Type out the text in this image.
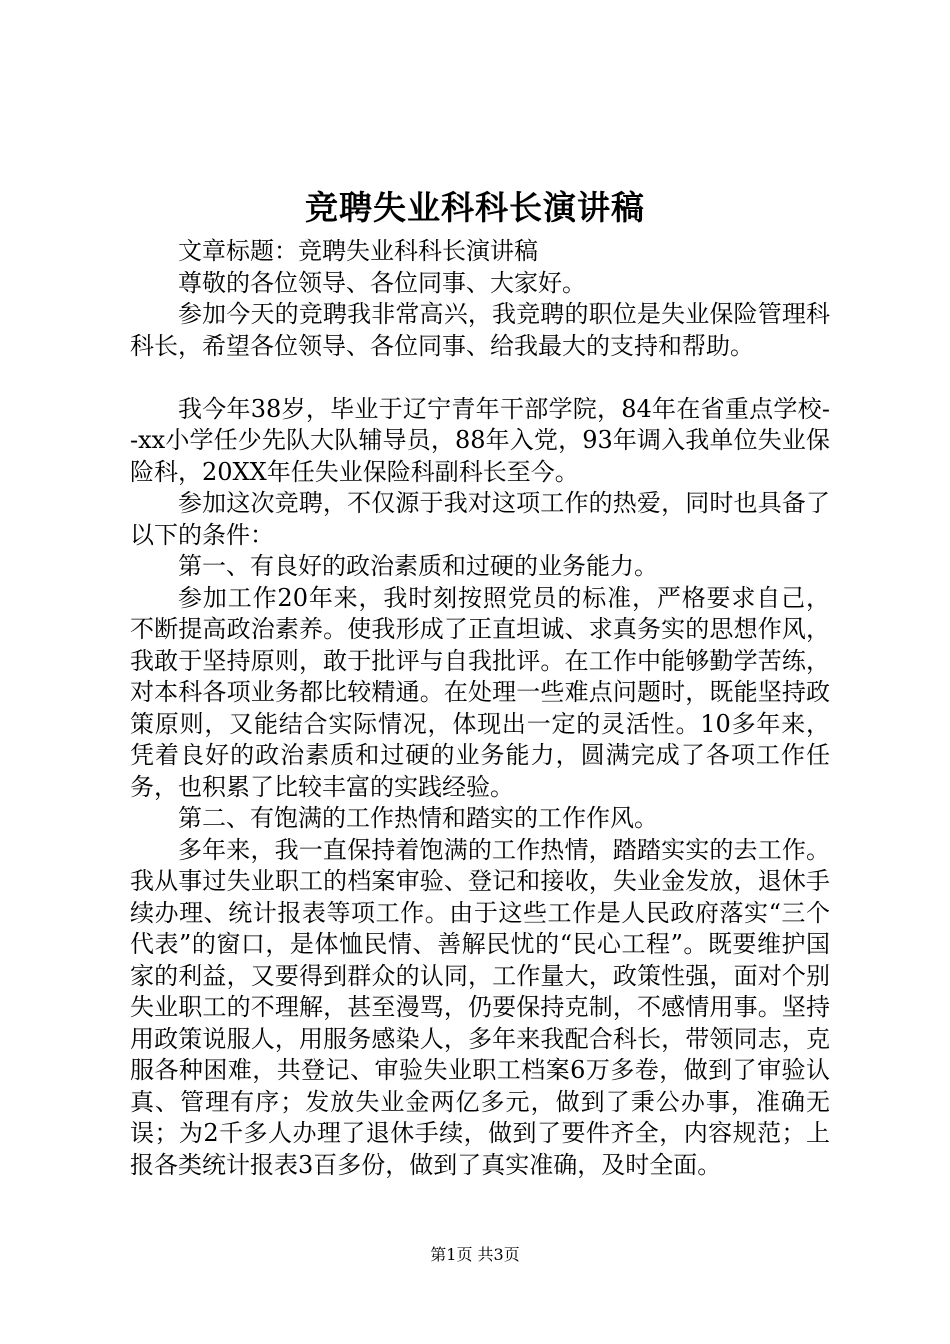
竞聘失业科科长演讲稿

文章标题：竞聘失业科科长演讲稿

尊敬的各位领导、各位同事、大家好。

参加今天的竞聘我非常高兴，我竞聘的职位是失业保险管理科科长，希望各位领导、各位同事、给我最大的支持和帮助。

我今年38岁，毕业于辽宁青年干部学院，84年在省重点学校--xx小学任少先队大队辅导员，88年入党，93年调入我单位失业保险科，20XX年任失业保险科副科长至今。

参加这次竞聘，不仅源于我对这项工作的热爱，同时也具备了以下的条件：

第一、有良好的政治素质和过硬的业务能力。

参加工作20年来，我时刻按照党员的标准，严格要求自己，不断提高政治素养。使我形成了正直坦诚、求真务实的思想作风，我敢于坚持原则，敢于批评与自我批评。在工作中能够勤学苦练，对本科各项业务都比较精通。在处理一些难点问题时，既能坚持政策原则，又能结合实际情况，体现出一定的灵活性。10多年来，凭着良好的政治素质和过硬的业务能力，圆满完成了各项工作任务，也积累了比较丰富的实践经验。

第二、有饱满的工作热情和踏实的工作作风。

多年来，我一直保持着饱满的工作热情，踏踏实实的去工作。我从事过失业职工的档案审验、登记和接收，失业金发放，退休手续办理、统计报表等项工作。由于这些工作是人民政府落实“三个代表”的窗口，是体恤民情、善解民忧的“民心工程”。既要维护国家的利益，又要得到群众的认同，工作量大，政策性强，面对个别失业职工的不理解，甚至漫骂，仍要保持克制，不感情用事。坚持用政策说服人，用服务感染人，多年来我配合科长，带领同志，克服各种困难，共登记、审验失业职工档案6万多卷，做到了审验认真、管理有序；发放失业金两亿多元，做到了秉公办事，准确无误；为2千多人办理了退休手续，做到了要件齐全，内容规范；上报各类统计报表3百多份，做到了真实准确，及时全面。

第1页 共3页
